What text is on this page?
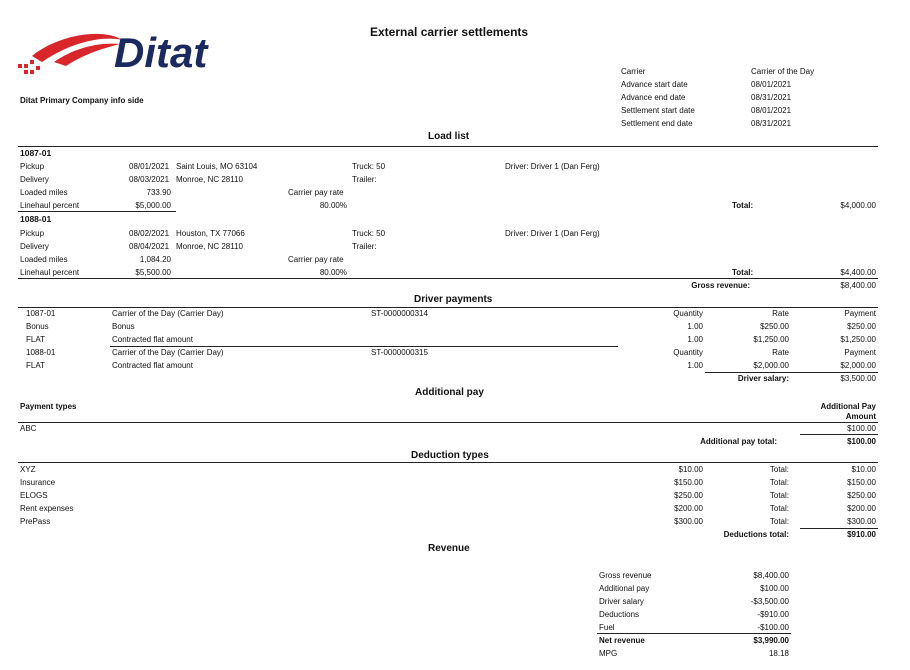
External carrier settlements
Ditat
Ditat Primary Company info side
Carrier	Carrier of the Day
Advance start date	08/01/2021
Advance end date	08/31/2021
Settlement start date	08/01/2021
Settlement end date	08/31/2021
Load list
1087-01
Pickup	08/01/2021 Saint Louis, MO 63104	Truck: 50	Driver: Driver 1 (Dan Ferg)
Delivery	08/03/2021 Monroe, NC 28110	Trailer:
Loaded miles	733.90	Carrier pay rate
Linehaul percent	$5,000.00	80.00%	Total:	$4,000.00
1088-01
Pickup	08/02/2021 Houston, TX 77066	Truck: 50	Driver: Driver 1 (Dan Ferg)
Delivery	08/04/2021 Monroe, NC 28110	Trailer:
Loaded miles	1,084.20	Carrier pay rate
Linehaul percent	$5,500.00	80.00%	Total:	$4,400.00
Gross revenue:	$8,400.00
Driver payments
1087-01	Carrier of the Day (Carrier Day)	ST-0000000314	Quantity	Rate	Payment
Bonus	Bonus	1.00	$250.00	$250.00
FLAT	Contracted flat amount	1.00	$1,250.00	$1,250.00
1088-01	Carrier of the Day (Carrier Day)	ST-0000000315	Quantity	Rate	Payment
FLAT	Contracted flat amount	1.00	$2,000.00	$2,000.00
Driver salary:	$3,500.00
Additional pay
Payment types	Additional Pay
Amount
ABC	$100.00
Additional pay total:	$100.00
Deduction types
XYZ	$10.00	Total:	$10.00
Insurance	$150.00	Total:	$150.00
ELOGS	$250.00	Total:	$250.00
Rent expenses	$200.00	Total:	$200.00
PrePass	$300.00	Total:	$300.00
Deductions total:	$910.00
Revenue
Gross revenue	$8,400.00
Additional pay	$100.00
Driver salary	-$3,500.00
Deductions	-$910.00
Fuel	-$100.00
Net revenue	$3,990.00
MPG	18.18
